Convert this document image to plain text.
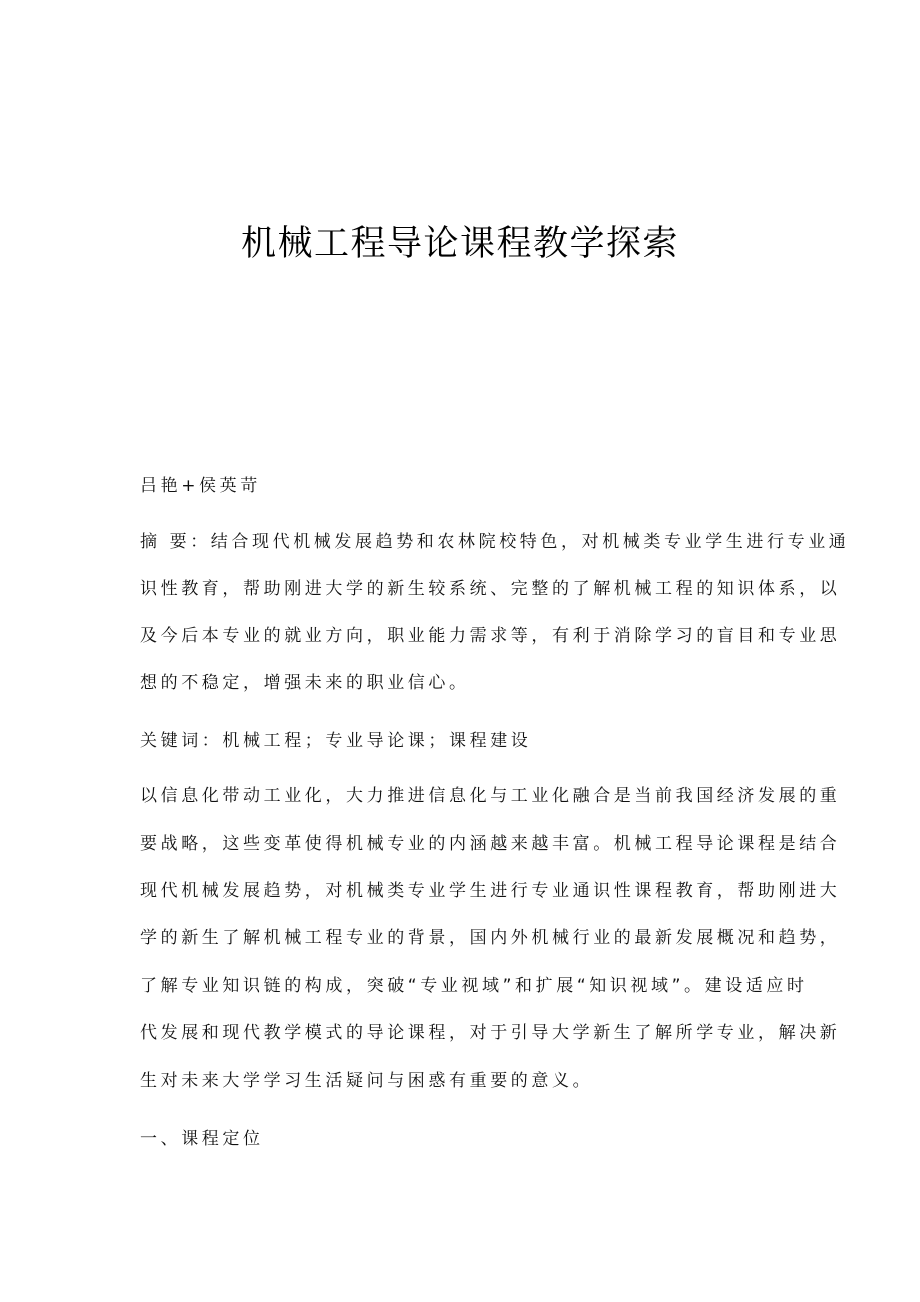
机械工程导论课程教学探索
吕艳+侯英苛
摘 要：结合现代机械发展趋势和农林院校特色，对机械类专业学生进行专业通
识性教育，帮助刚进大学的新生较系统、完整的了解机械工程的知识体系，以
及今后本专业的就业方向，职业能力需求等，有利于消除学习的盲目和专业思
想的不稳定，增强未来的职业信心。
关键词：机械工程；专业导论课；课程建设
以信息化带动工业化，大力推进信息化与工业化融合是当前我国经济发展的重
要战略，这些变革使得机械专业的内涵越来越丰富。机械工程导论课程是结合
现代机械发展趋势，对机械类专业学生进行专业通识性课程教育，帮助刚进大
学的新生了解机械工程专业的背景，国内外机械行业的最新发展概况和趋势，
了解专业知识链的构成，突破“专业视域”和扩展“知识视域”。建设适应时
代发展和现代教学模式的导论课程，对于引导大学新生了解所学专业，解决新
生对未来大学学习生活疑问与困惑有重要的意义。
一、课程定位
